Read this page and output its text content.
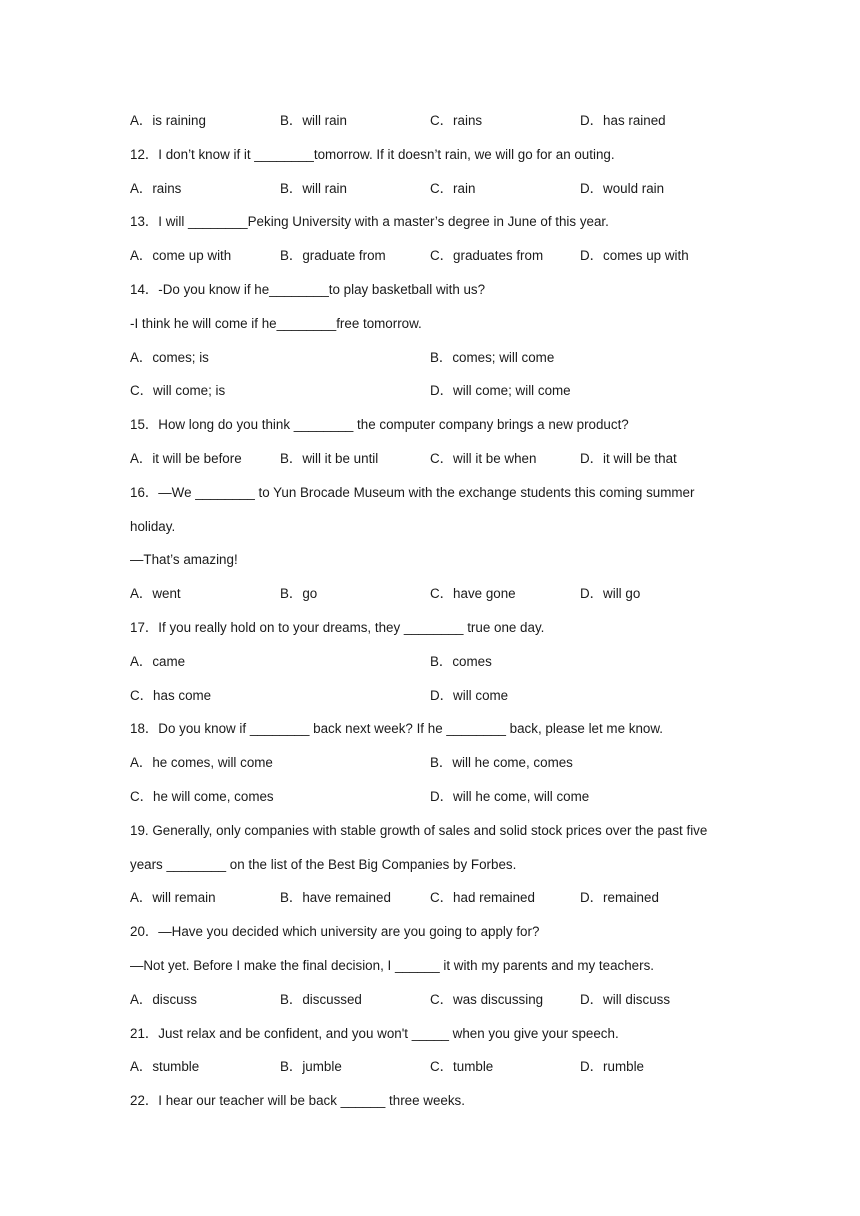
A．is raining	B．will rain	C．rains	D．has rained
12．I don’t know if it ________tomorrow. If it doesn’t rain, we will go for an outing.
A．rains	B．will rain	C．rain	D．would rain
13．I will ________Peking University with a master’s degree in June of this year.
A．come up with	B．graduate from	C．graduates from	D．comes up with
14．-Do you know if he________to play basketball with us?
-I think he will come if he________free tomorrow.
A．comes; is	B．comes; will come
C．will come; is	D．will come; will come
15．How long do you think ________ the computer company brings a new product?
A．it will be before	B．will it be until	C．will it be when	D．it will be that
16．—We ________ to Yun Brocade Museum with the exchange students this coming summer
holiday.
—That’s amazing!
A．went	B．go	C．have gone	D．will go
17．If you really hold on to your dreams, they ________ true one day.
A．came	B．comes
C．has come	D．will come
18．Do you know if ________ back next week? If he ________ back, please let me know.
A．he comes, will come	B．will he come, comes
C．he will come, comes	D．will he come, will come
19. Generally, only companies with stable growth of sales and solid stock prices over the past five
years ________ on the list of the Best Big Companies by Forbes.
A．will remain	B．have remained	C．had remained	D．remained
20．—Have you decided which university are you going to apply for?
—Not yet. Before I make the final decision, I ______ it with my parents and my teachers.
A．discuss	B．discussed	C．was discussing	D．will discuss
21．Just relax and be confident, and you won't _____ when you give your speech.
A．stumble	B．jumble	C．tumble	D．rumble
22．I hear our teacher will be back ______ three weeks.
